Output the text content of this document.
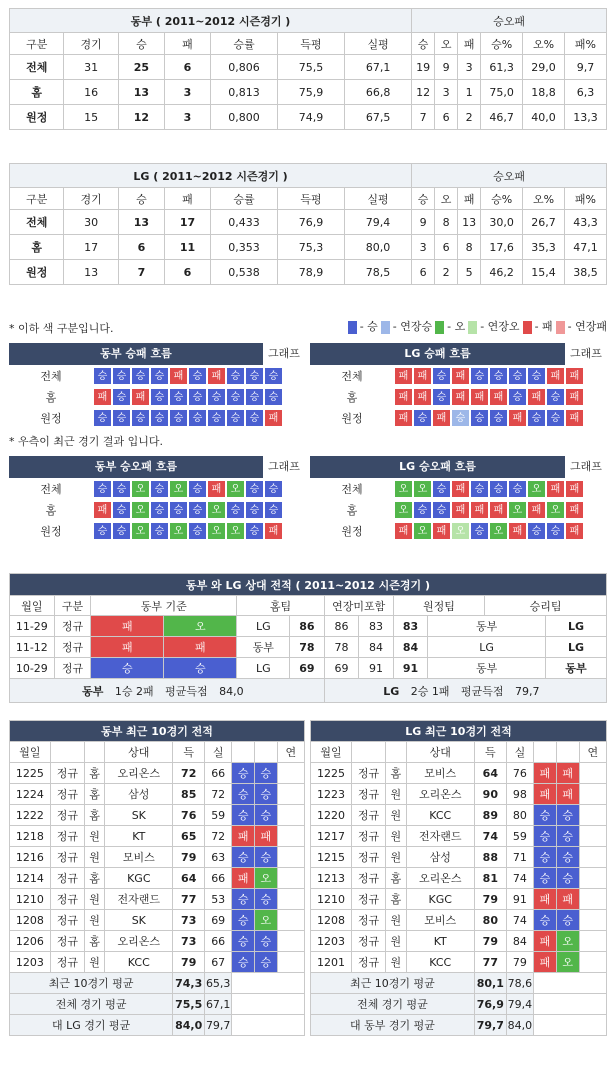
동부 ( 2011~2012 시즌경기 )							승오패					
구분	경기	승	패	승률	득평	실평	승	오	패	승%	오%	패%
전체	31	25	6	0,806	75,5	67,1	19	9	3	61,3	29,0	9,7
홈	16	13	3	0,813	75,9	66,8	12	3	1	75,0	18,8	6,3
원정	15	12	3	0,800	74,9	67,5	7	6	2	46,7	40,0	13,3
LG ( 2011~2012 시즌경기 )							승오패					
구분	경기	승	패	승률	득평	실평	승	오	패	승%	오%	패%
전체	30	13	17	0,433	76,9	79,4	9	8	13	30,0	26,7	43,3
홈	17	6	11	0,353	75,3	80,0	3	6	8	17,6	35,3	47,1
원정	13	7	6	0,538	78,9	78,5	6	2	5	46,2	15,4	38,5
* 이하 색 구분입니다.	- 승 - 연장승 - 오 - 연장오 - 패 - 연장패
동부 승패 흐름	그래프
전체	승 승 승 승 패 승 패 승 승 승
홈	패 승 패 승 승 승 승 승 승 승
원정	승 승 승 승 승 승 승 승 승 패
LG 승패 흐름	그래프
전체	패 패 승 패 승 승 승 승 패 패
홈	패 패 승 패 패 패 승 패 승 패
원정	패 승 패 승 승 승 패 승 승 패
* 우측이 최근 경기 결과 입니다.
동부 승오패 흐름	그래프
전체	승 승 오 승 오 승 패 오 승 승
홈	패 승 오 승 승 승 오 승 승 승
원정	승 승 오 승 오 승 오 오 승 패
LG 승오패 흐름	그래프
전체	오 오 승 패 승 승 승 오 패 패
홈	오 승 승 패 패 패 오 패 오 패
원정	패 오 패 오 승 오 패 승 승 패
동부 와 LG 상대 전적 ( 2011~2012 시즌경기 )											
월일	구분	동부 기준		홈팀		연장미포함		원정팀		승리팀	
11-29	정규	패	오	LG	86	86	83	83	동부		LG
11-12	정규	패	패	동부	78	78	84	84	LG		LG
10-29	정규	승	승	LG	69	69	91	91	동부		동부
동부 1승 2패 평균득점 84,0						LG 2승 1패 평균득점 79,7					
동부 최근 10경기 전적								
월일			상대	득	실			연
1225	정규	홈	오리온스	72	66	승	승	
1224	정규	홈	삼성	85	72	승	승	
1222	정규	홈	SK	76	59	승	승	
1218	정규	원	KT	65	72	패	패	
1216	정규	원	모비스	79	63	승	승	
1214	정규	홈	KGC	64	66	패	오	
1210	정규	원	전자랜드	77	53	승	승	
1208	정규	원	SK	73	69	승	오	
1206	정규	홈	오리온스	73	66	승	승	
1203	정규	원	KCC	79	67	승	승	
최근 10경기 평균				74,3	65,3			
전체 경기 평균				75,5	67,1			
대 LG 경기 평균				84,0	79,7			
LG 최근 10경기 전적								
월일			상대	득	실			연
1225	정규	홈	모비스	64	76	패	패	
1223	정규	원	오리온스	90	98	패	패	
1220	정규	원	KCC	89	80	승	승	
1217	정규	원	전자랜드	74	59	승	승	
1215	정규	원	삼성	88	71	승	승	
1213	정규	홈	오리온스	81	74	승	승	
1210	정규	홈	KGC	79	91	패	패	
1208	정규	원	모비스	80	74	승	승	
1203	정규	원	KT	79	84	패	오	
1201	정규	원	KCC	77	79	패	오	
최근 10경기 평균				80,1	78,6			
전체 경기 평균				76,9	79,4			
대 동부 경기 평균				79,7	84,0			
